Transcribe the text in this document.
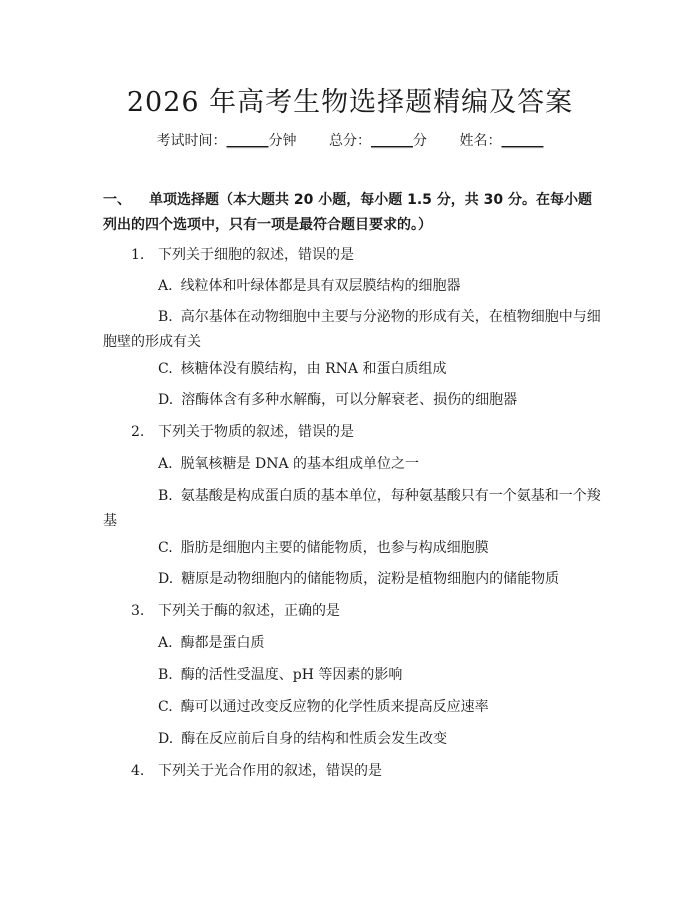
2026 年高考生物选择题精编及答案
考试时间：______分钟 总分：______分 姓名：______
一、 单项选择题（本大题共 20 小题，每小题 1.5 分，共 30 分。在每小题列出的四个选项中，只有一项是最符合题目要求的。）
1. 下列关于细胞的叙述，错误的是
A. 线粒体和叶绿体都是具有双层膜结构的细胞器
B. 高尔基体在动物细胞中主要与分泌物的形成有关，在植物细胞中与细胞壁的形成有关
C. 核糖体没有膜结构，由 RNA 和蛋白质组成
D. 溶酶体含有多种水解酶，可以分解衰老、损伤的细胞器
2. 下列关于物质的叙述，错误的是
A. 脱氧核糖是 DNA 的基本组成单位之一
B. 氨基酸是构成蛋白质的基本单位，每种氨基酸只有一个氨基和一个羧基
C. 脂肪是细胞内主要的储能物质，也参与构成细胞膜
D. 糖原是动物细胞内的储能物质，淀粉是植物细胞内的储能物质
3. 下列关于酶的叙述，正确的是
A. 酶都是蛋白质
B. 酶的活性受温度、pH 等因素的影响
C. 酶可以通过改变反应物的化学性质来提高反应速率
D. 酶在反应前后自身的结构和性质会发生改变
4. 下列关于光合作用的叙述，错误的是
